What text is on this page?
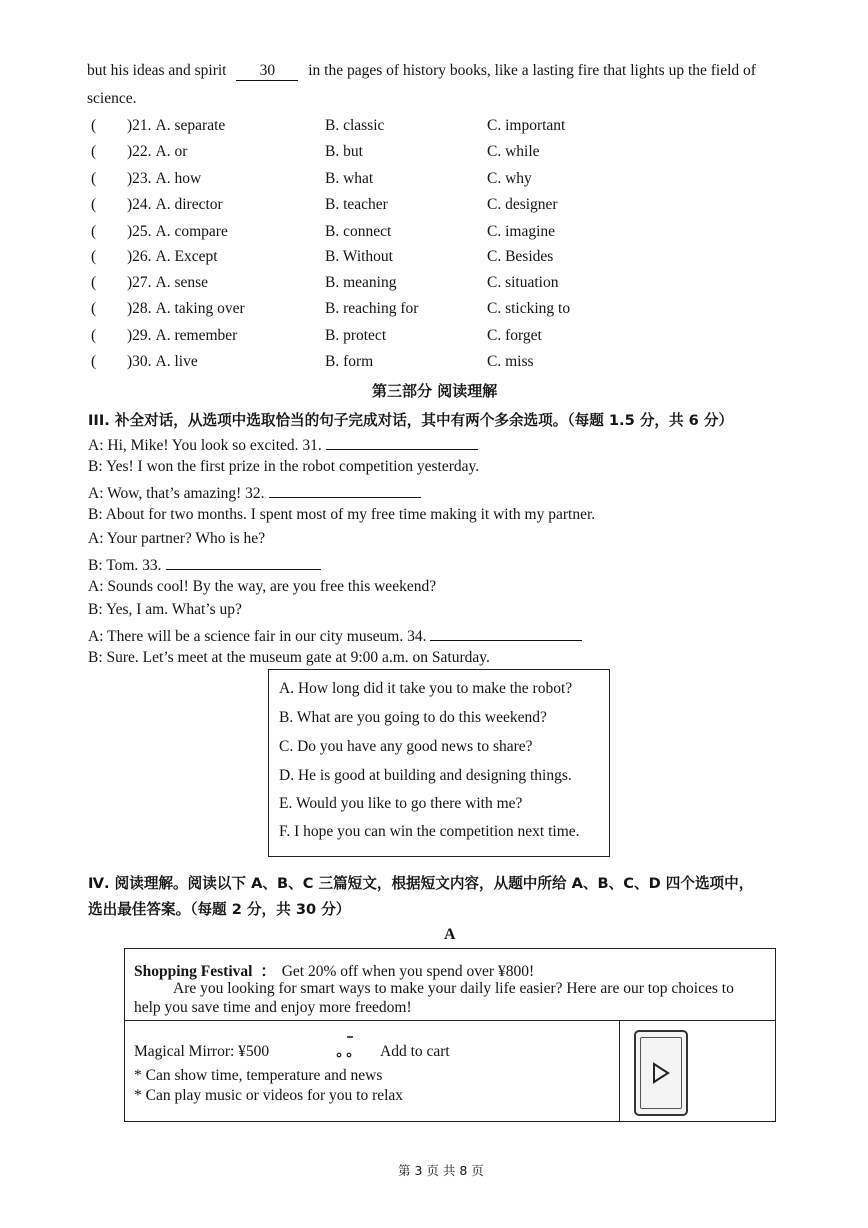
but his ideas and spirit 30 in the pages of history books, like a lasting fire that lights up the field of
science.
( )21. A. separate	B. classic	C. important
( )22. A. or	B. but	C. while
( )23. A. how	B. what	C. why
( )24. A. director	B. teacher	C. designer
( )25. A. compare	B. connect	C. imagine
( )26. A. Except	B. Without	C. Besides
( )27. A. sense	B. meaning	C. situation
( )28. A. taking over	B. reaching for	C. sticking to
( )29. A. remember	B. protect	C. forget
( )30. A. live	B. form	C. miss
第三部分 阅读理解
III. 补全对话，从选项中选取恰当的句子完成对话，其中有两个多余选项。（每题 1.5 分，共 6 分）
A: Hi, Mike! You look so excited. 31.
B: Yes! I won the first prize in the robot competition yesterday.
A: Wow, that’s amazing! 32.
B: About for two months. I spent most of my free time making it with my partner.
A: Your partner? Who is he?
B: Tom. 33.
A: Sounds cool! By the way, are you free this weekend?
B: Yes, I am. What’s up?
A: There will be a science fair in our city museum. 34.
B: Sure. Let’s meet at the museum gate at 9:00 a.m. on Saturday.
A. How long did it take you to make the robot?
B. What are you going to do this weekend?
C. Do you have any good news to share?
D. He is good at building and designing things.
E. Would you like to go there with me?
F. I hope you can win the competition next time.
Ⅳ. 阅读理解。阅读以下 A、B、C 三篇短文，根据短文内容，从题中所给 A、B、C、D 四个选项中，
选出最佳答案。（每题 2 分，共 30 分）
A
Shopping Festival ： Get 20% off when you spend over ¥800!
Are you looking for smart ways to make your daily life easier? Here are our top choices to
help you save time and enjoy more freedom!
Magical Mirror: ¥500	Add to cart
* Can show time, temperature and news
* Can play music or videos for you to relax
第 3 页 共 8 页
